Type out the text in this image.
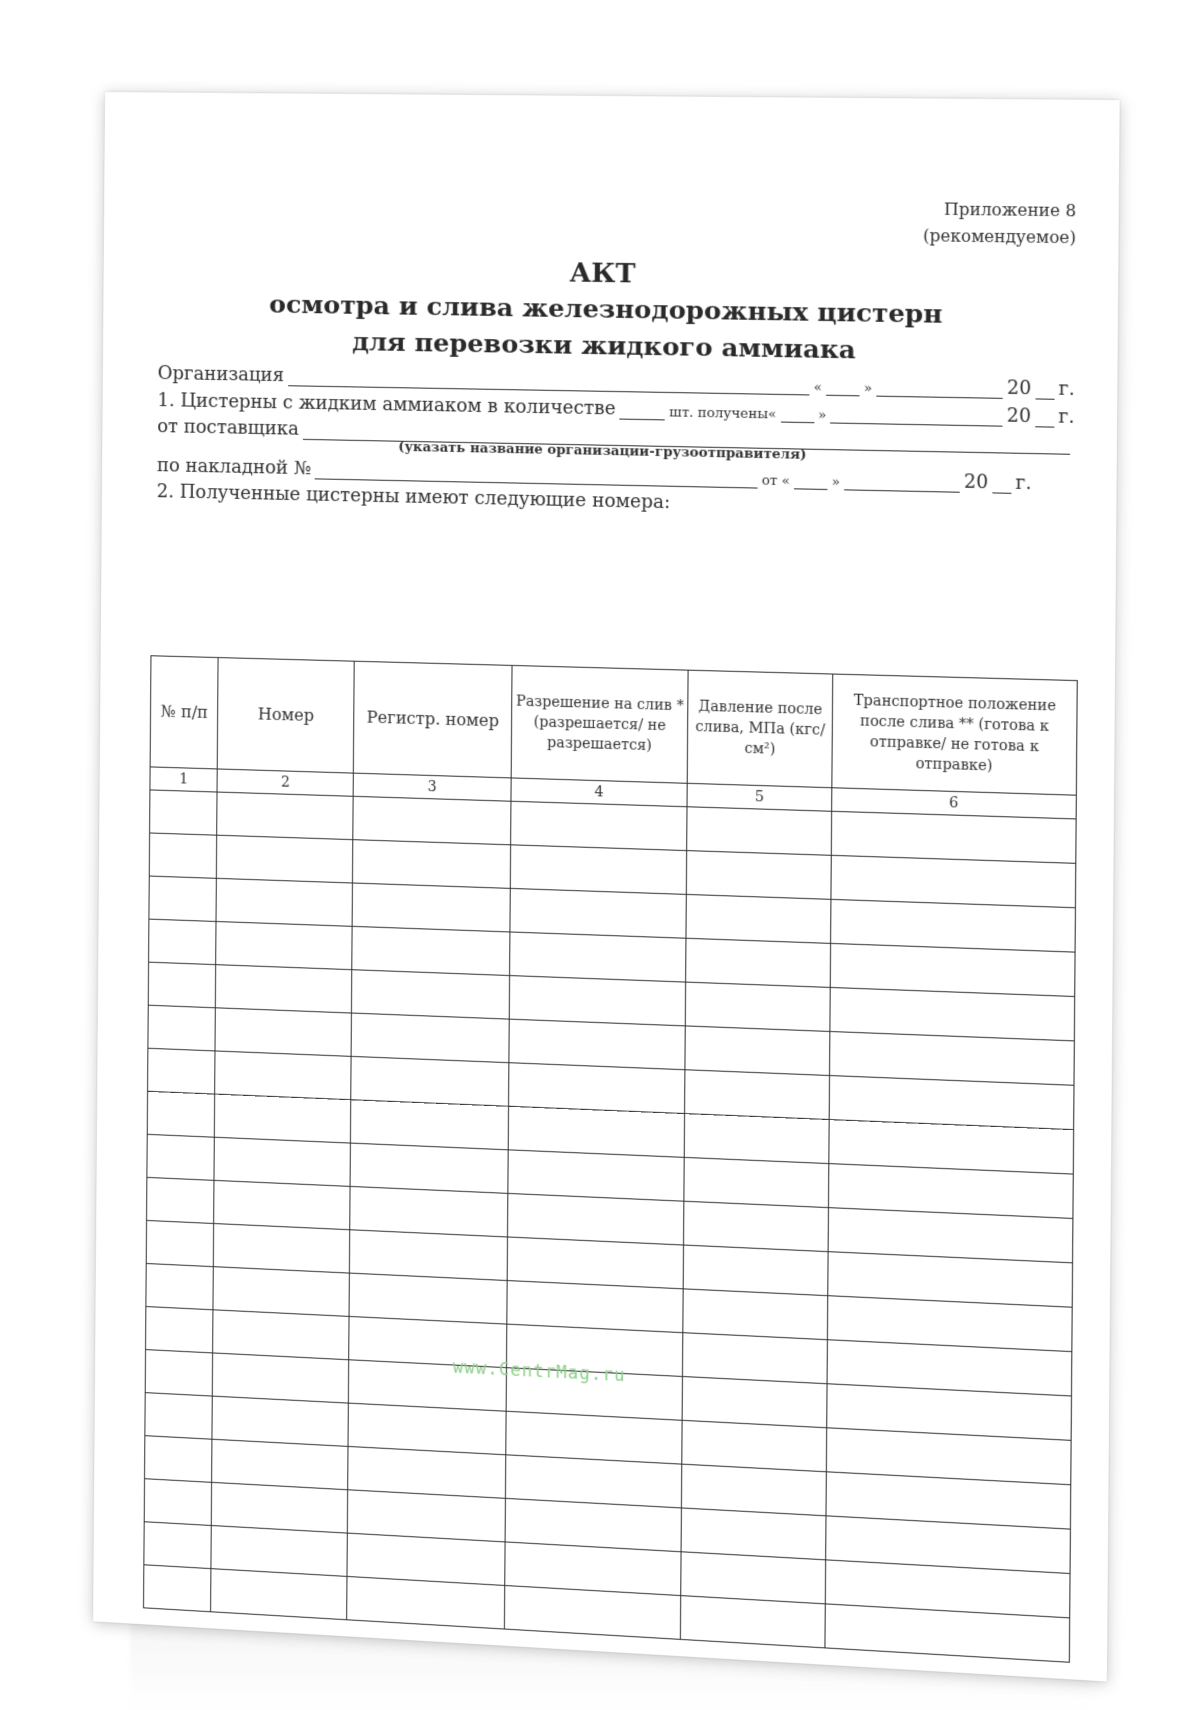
Приложение 8
(рекомендуемое)
АКТ
осмотра и слива железнодорожных цистерн
для перевозки жидкого аммиака
Организация
«	»	20 г.
1. Цистерны с жидким аммиаком в количестве	шт. получены «	»	20 г.
от поставщика
(указать название организации-грузоотправителя)
по накладной №
от «	»	20 г.
2. Полученные цистерны имеют следующие номера:
№ п/п	Номер	Регистр. номер	Разрешение на слив * (разрешается/ не разрешается)	Давление после слива, МПа (кгс/см²)	Транспортное положение после слива ** (готова к отправке/ не готова к отправке)
1	2	3	4	5	6

www.CentrMag.ru
